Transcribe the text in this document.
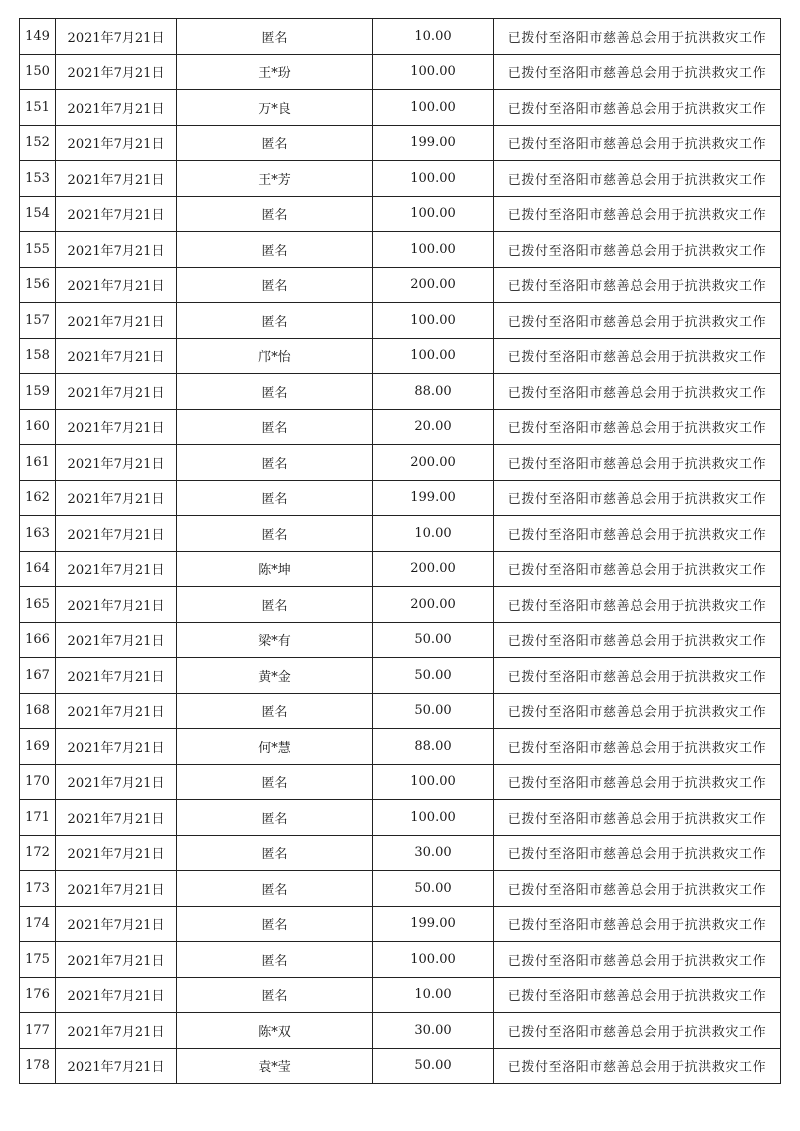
149	2021年7月21日	匿名	10.00	已拨付至洛阳市慈善总会用于抗洪救灾工作
150	2021年7月21日	王*玢	100.00	已拨付至洛阳市慈善总会用于抗洪救灾工作
151	2021年7月21日	万*良	100.00	已拨付至洛阳市慈善总会用于抗洪救灾工作
152	2021年7月21日	匿名	199.00	已拨付至洛阳市慈善总会用于抗洪救灾工作
153	2021年7月21日	王*芳	100.00	已拨付至洛阳市慈善总会用于抗洪救灾工作
154	2021年7月21日	匿名	100.00	已拨付至洛阳市慈善总会用于抗洪救灾工作
155	2021年7月21日	匿名	100.00	已拨付至洛阳市慈善总会用于抗洪救灾工作
156	2021年7月21日	匿名	200.00	已拨付至洛阳市慈善总会用于抗洪救灾工作
157	2021年7月21日	匿名	100.00	已拨付至洛阳市慈善总会用于抗洪救灾工作
158	2021年7月21日	邝*怡	100.00	已拨付至洛阳市慈善总会用于抗洪救灾工作
159	2021年7月21日	匿名	88.00	已拨付至洛阳市慈善总会用于抗洪救灾工作
160	2021年7月21日	匿名	20.00	已拨付至洛阳市慈善总会用于抗洪救灾工作
161	2021年7月21日	匿名	200.00	已拨付至洛阳市慈善总会用于抗洪救灾工作
162	2021年7月21日	匿名	199.00	已拨付至洛阳市慈善总会用于抗洪救灾工作
163	2021年7月21日	匿名	10.00	已拨付至洛阳市慈善总会用于抗洪救灾工作
164	2021年7月21日	陈*坤	200.00	已拨付至洛阳市慈善总会用于抗洪救灾工作
165	2021年7月21日	匿名	200.00	已拨付至洛阳市慈善总会用于抗洪救灾工作
166	2021年7月21日	梁*有	50.00	已拨付至洛阳市慈善总会用于抗洪救灾工作
167	2021年7月21日	黄*金	50.00	已拨付至洛阳市慈善总会用于抗洪救灾工作
168	2021年7月21日	匿名	50.00	已拨付至洛阳市慈善总会用于抗洪救灾工作
169	2021年7月21日	何*慧	88.00	已拨付至洛阳市慈善总会用于抗洪救灾工作
170	2021年7月21日	匿名	100.00	已拨付至洛阳市慈善总会用于抗洪救灾工作
171	2021年7月21日	匿名	100.00	已拨付至洛阳市慈善总会用于抗洪救灾工作
172	2021年7月21日	匿名	30.00	已拨付至洛阳市慈善总会用于抗洪救灾工作
173	2021年7月21日	匿名	50.00	已拨付至洛阳市慈善总会用于抗洪救灾工作
174	2021年7月21日	匿名	199.00	已拨付至洛阳市慈善总会用于抗洪救灾工作
175	2021年7月21日	匿名	100.00	已拨付至洛阳市慈善总会用于抗洪救灾工作
176	2021年7月21日	匿名	10.00	已拨付至洛阳市慈善总会用于抗洪救灾工作
177	2021年7月21日	陈*双	30.00	已拨付至洛阳市慈善总会用于抗洪救灾工作
178	2021年7月21日	袁*莹	50.00	已拨付至洛阳市慈善总会用于抗洪救灾工作
